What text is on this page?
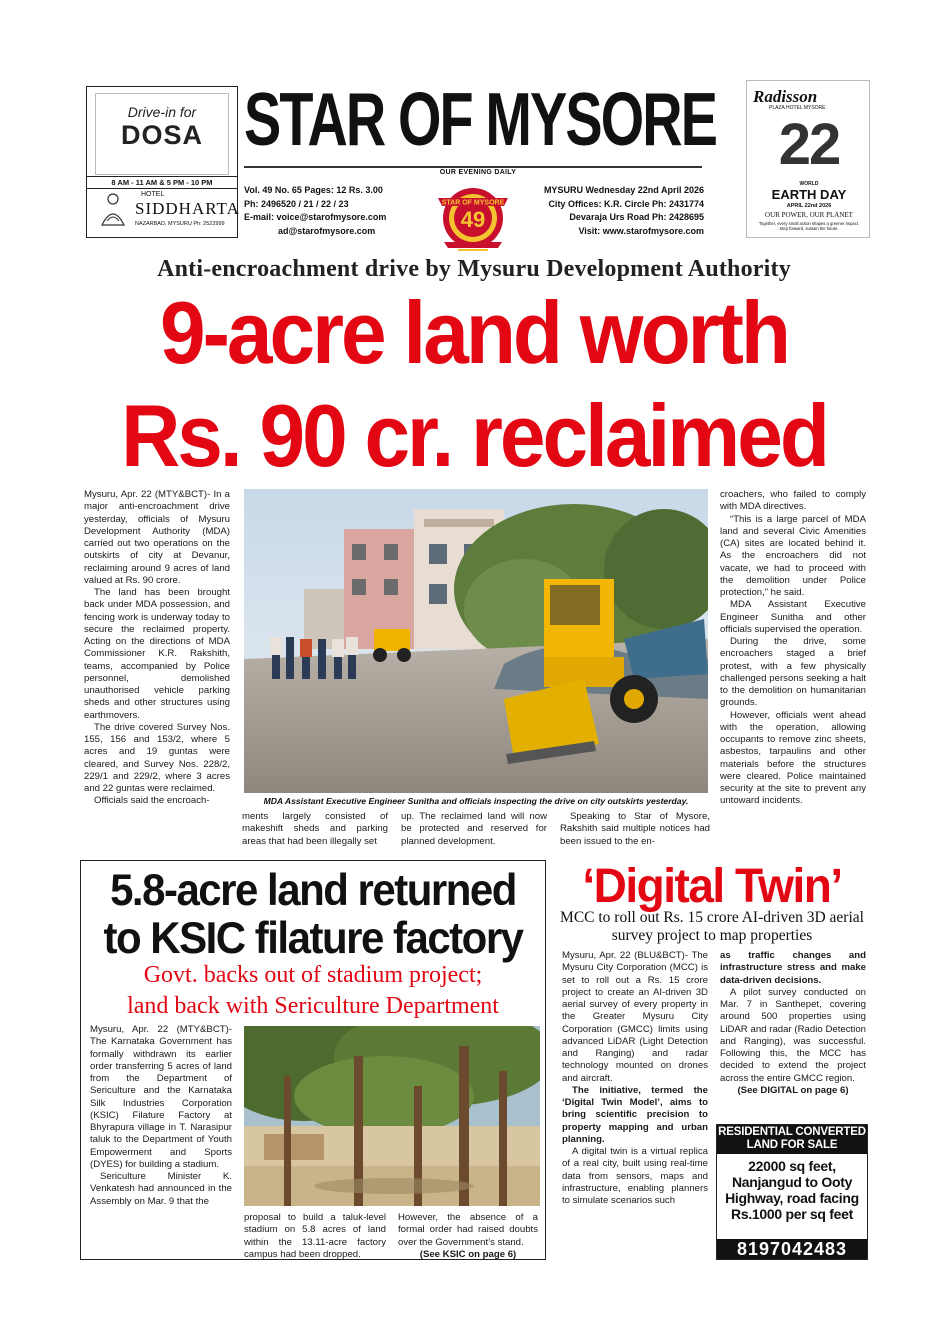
Drive-in for
DOSA
8 AM - 11 AM & 5 PM - 10 PM
HOTEL
SIDDHARTA
NAZARBAD, MYSURU Ph: 2522999
STAR OF MYSORE
OUR EVENING DAILY
Vol. 49 No. 65 Pages: 12 Rs. 3.00
Ph: 2496520 / 21 / 22 / 23
E-mail: voice@starofmysore.com
ad@starofmysore.com
STAR OF MYSORE
49
MYSURU Wednesday 22nd April 2026
City Offices: K.R. Circle Ph: 2431774
Devaraja Urs Road Ph: 2428695
Visit: www.starofmysore.com
Radisson
PLAZA HOTEL MYSORE
22
WORLD
EARTH DAY
APRIL 22nd 2026
OUR POWER, OUR PLANET
Together, every small action shapes a greener impact. Step forward, sustain the future.
Anti-encroachment drive by Mysuru Development Authority
9-acre land worth
Rs. 90 cr. reclaimed

Mysuru, Apr. 22 (MTY&BCT)- In a major anti-encroachment drive yesterday, officials of Mysuru Development Authority (MDA) carried out two operations on the outskirts of city at Devanur, reclaiming around 9 acres of land valued at Rs. 90 crore.

The land has been brought back under MDA possession, and fencing work is underway today to secure the reclaimed property. Acting on the directions of MDA Commissioner K.R. Rakshith, teams, accompanied by Police personnel, demolished unauthorised vehicle parking sheds and other structures using earthmovers.

The drive covered Survey Nos. 155, 156 and 153/2, where 5 acres and 19 guntas were cleared, and Survey Nos. 228/2, 229/1 and 229/2, where 3 acres and 22 guntas were reclaimed.

Officials said the encroach-	MDA Assistant Executive Engineer Sunitha and officials inspecting the drive on city outskirts yesterday.

ments largely consisted of makeshift sheds and parking areas that had been illegally set

up. The reclaimed land will now be protected and reserved for planned development.

Speaking to Star of Mysore, Rakshith said multiple notices had been issued to the en-

croachers, who failed to comply with MDA directives.

“This is a large parcel of MDA land and several Civic Amenities (CA) sites are located behind it. As the encroachers did not vacate, we had to proceed with the demolition under Police protection,” he said.

MDA Assistant Executive Engineer Sunitha and other officials supervised the operation.

During the drive, some encroachers staged a brief protest, with a few physically challenged persons seeking a halt to the demolition on humanitarian grounds.

However, officials went ahead with the operation, allowing occupants to remove zinc sheets, asbestos, tarpaulins and other materials before the structures were cleared. Police maintained security at the site to prevent any untoward incidents.

5.8-acre land returned
to KSIC filature factory
Govt. backs out of stadium project;
land back with Sericulture Department

Mysuru, Apr. 22 (MTY&BCT)- The Karnataka Government has formally withdrawn its earlier order transferring 5 acres of land from the Department of Sericulture and the Karnataka Silk Industries Corporation (KSIC) Filature Factory at Bhyrapura village in T. Narasipur taluk to the Department of Youth Empowerment and Sports (DYES) for building a stadium.

Sericulture Minister K. Venkatesh had announced in the Assembly on Mar. 9 that the

proposal to build a taluk-level stadium on 5.8 acres of land within the 13.11-acre factory campus had been dropped.

However, the absence of a formal order had raised doubts over the Government’s stand.

(See KSIC on page 6)

‘Digital Twin’
MCC to roll out Rs. 15 crore AI-driven 3D aerial survey project to map properties

Mysuru, Apr. 22 (BLU&BCT)- The Mysuru City Corporation (MCC) is set to roll out a Rs. 15 crore project to create an AI-driven 3D aerial survey of every property in the Greater Mysuru City Corporation (GMCC) limits using advanced LiDAR (Light Detection and Ranging) and radar technology mounted on drones and aircraft.

The initiative, termed the ‘Digital Twin Model’, aims to bring scientific precision to property mapping and urban planning.

A digital twin is a virtual replica of a real city, built using real-time data from sensors, maps and infrastructure, enabling planners to simulate scenarios such

as traffic changes and infrastructure stress and make data-driven decisions.

A pilot survey conducted on Mar. 7 in Santhepet, covering around 500 properties using LiDAR and radar (Radio Detection and Ranging), was successful. Following this, the MCC has decided to extend the project across the entire GMCC region.

(See DIGITAL on page 6)

RESIDENTIAL CONVERTED LAND FOR SALE
22000 sq feet,
Nanjangud to Ooty
Highway, road facing
Rs.1000 per sq feet
8197042483
